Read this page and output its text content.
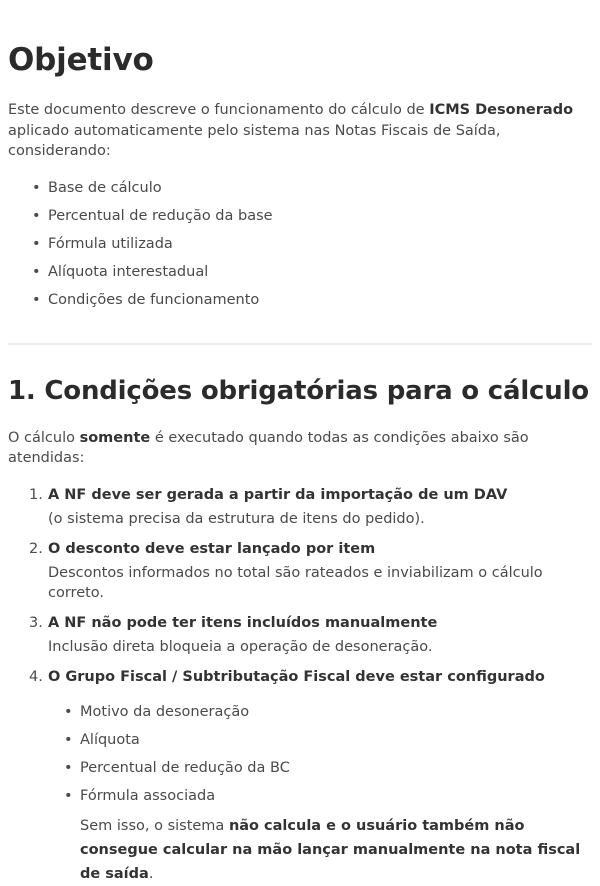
Objetivo

Este documento descreve o funcionamento do cálculo de ICMS Desonerado aplicado automaticamente pelo sistema nas Notas Fiscais de Saída, considerando:

• Base de cálculo
• Percentual de redução da base
• Fórmula utilizada
• Alíquota interestadual
• Condições de funcionamento
1. Condições obrigatórias para o cálculo

O cálculo somente é executado quando todas as condições abaixo são atendidas:

A NF deve ser gerada a partir da importação de um DAV
(o sistema precisa da estrutura de itens do pedido).
O desconto deve estar lançado por item
Descontos informados no total são rateados e inviabilizam o cálculo correto.
A NF não pode ter itens incluídos manualmente
Inclusão direta bloqueia a operação de desoneração.
O Grupo Fiscal / Subtributação Fiscal deve estar configurado
• Motivo da desoneração
• Alíquota
• Percentual de redução da BC
• Fórmula associada

Sem isso, o sistema não calcula e o usuário também não consegue calcular na mão lançar manualmente na nota fiscal de saída.
